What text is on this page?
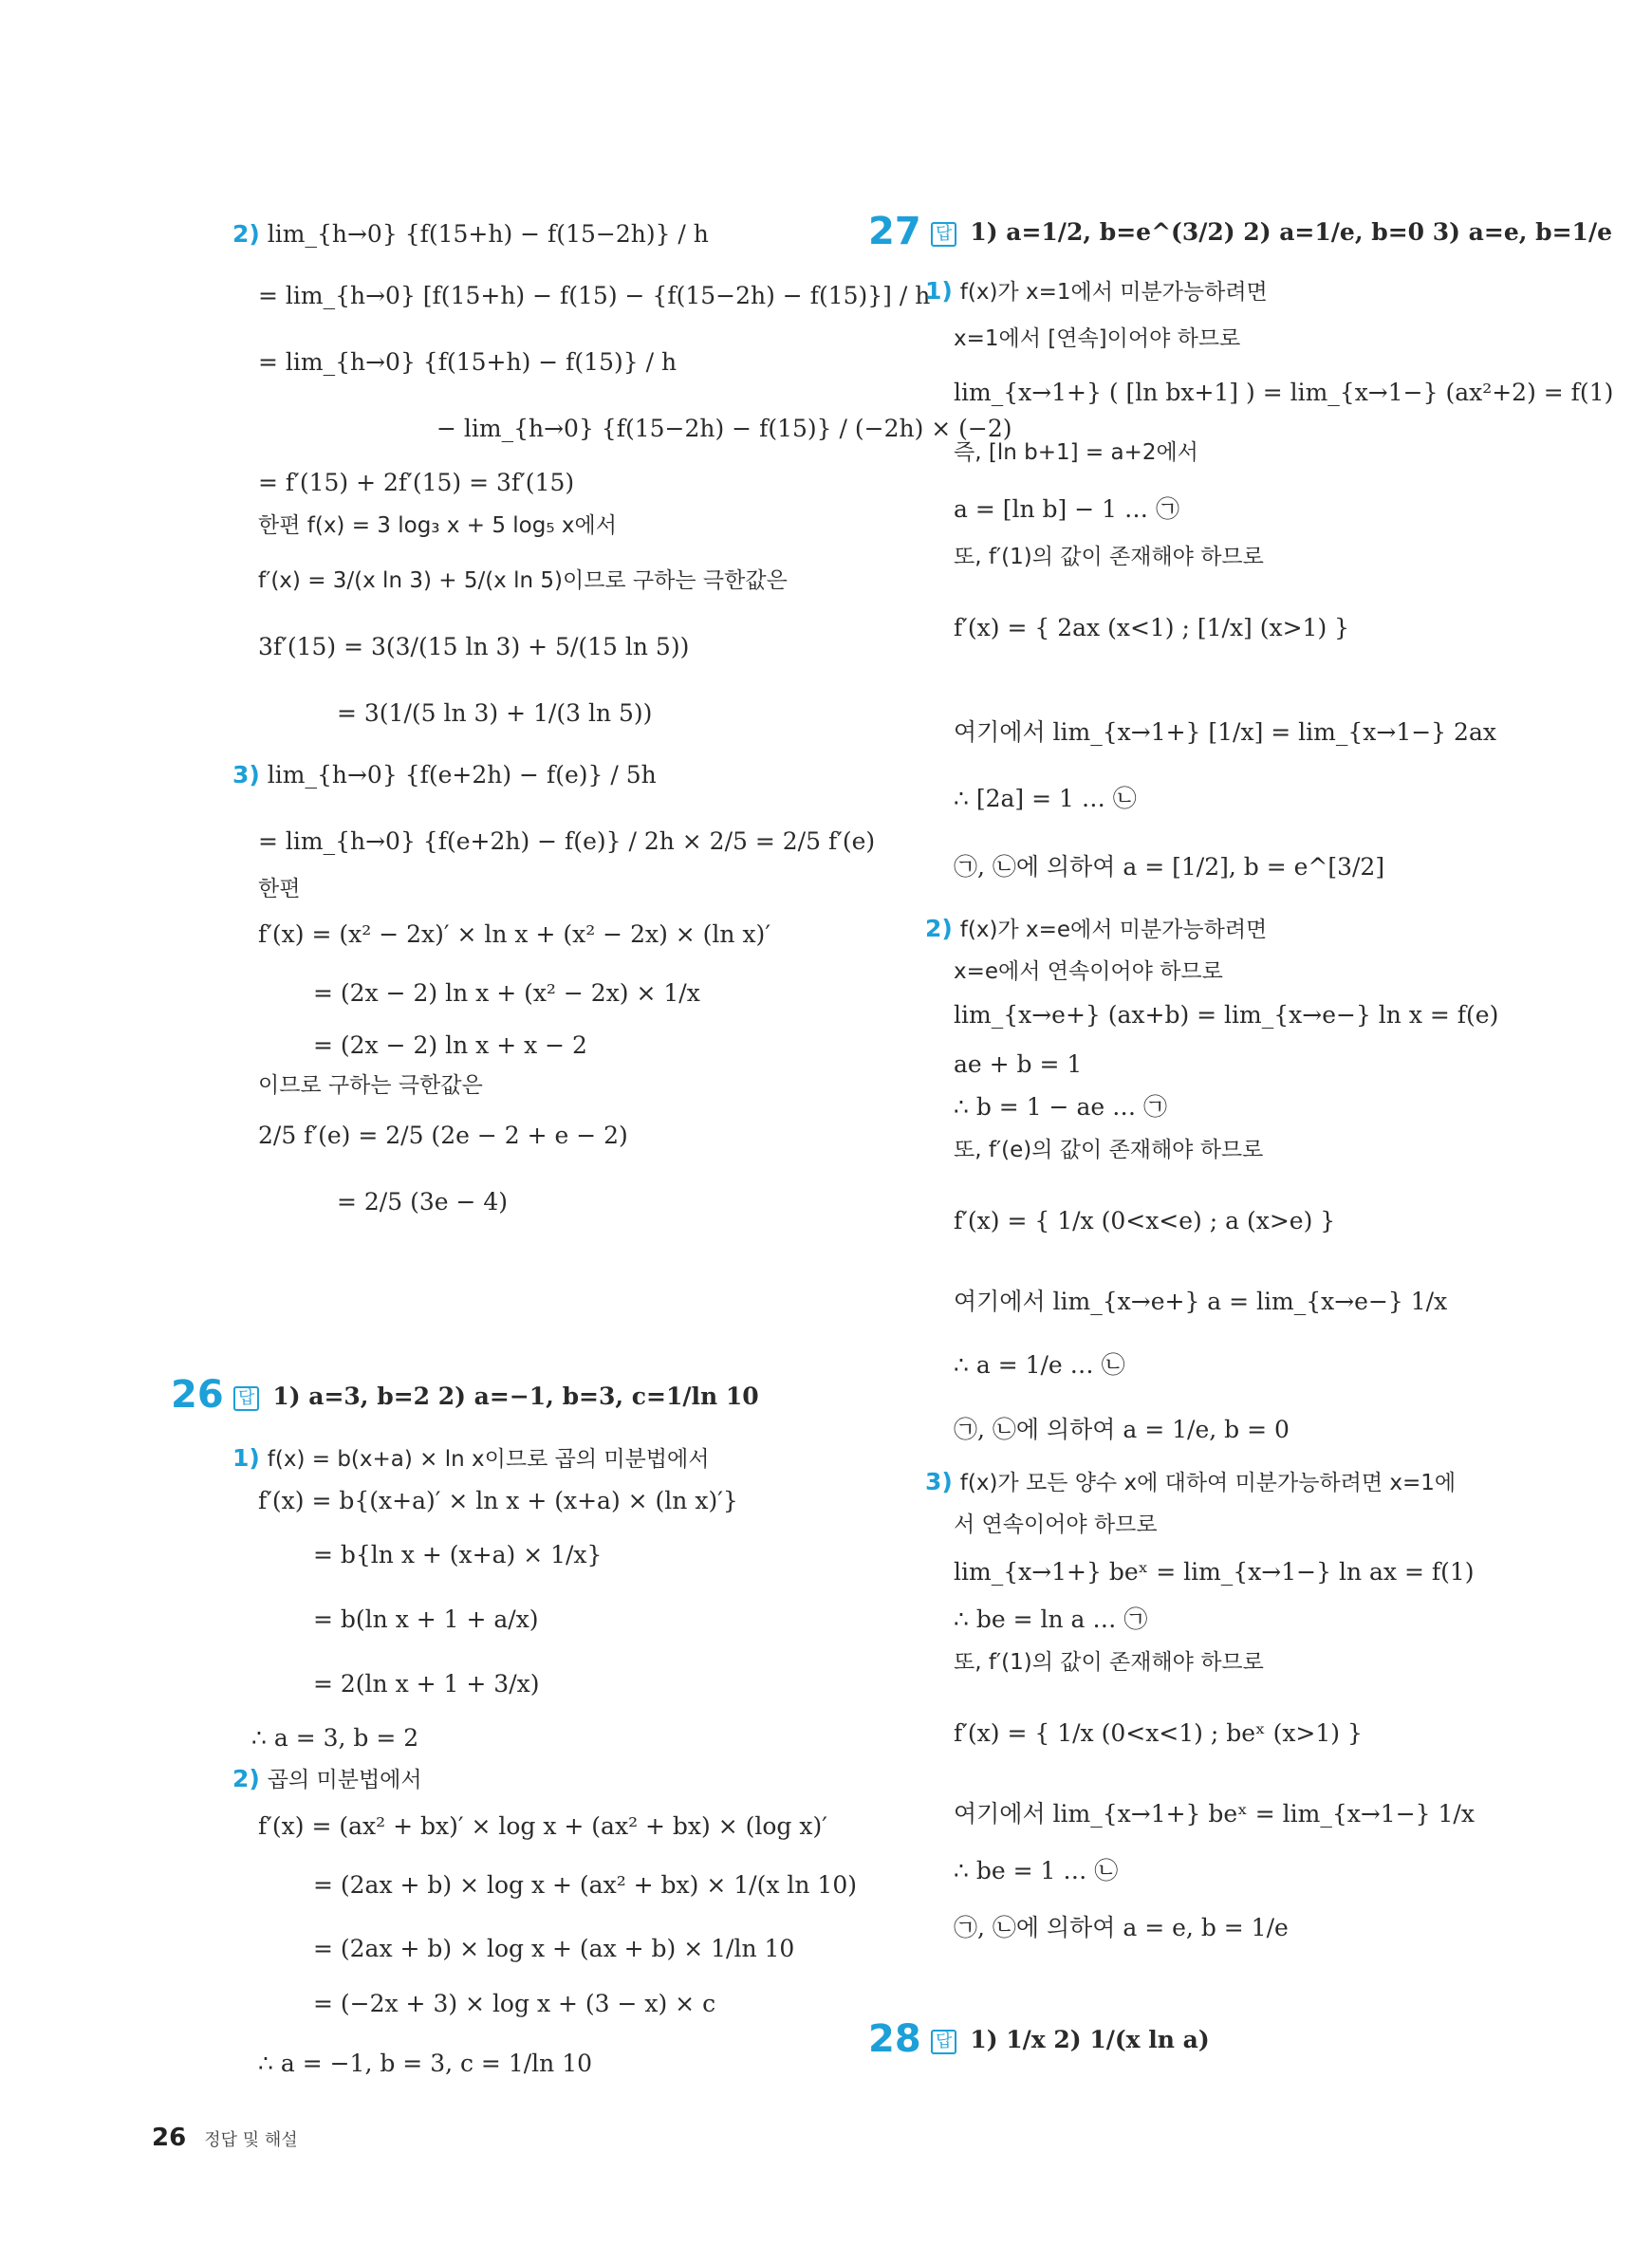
2) lim_{h→0} {f(15+h) − f(15−2h)} / h
= lim_{h→0} [f(15+h) − f(15) − {f(15−2h) − f(15)}] / h
= lim_{h→0} {f(15+h) − f(15)} / h
− lim_{h→0} {f(15−2h) − f(15)} / (−2h) × (−2)
= f′(15) + 2f′(15) = 3f′(15)
한편 f(x) = 3 log₃ x + 5 log₅ x에서
f′(x) = 3/(x ln 3) + 5/(x ln 5)이므로 구하는 극한값은
3f′(15) = 3(3/(15 ln 3) + 5/(15 ln 5))
= 3(1/(5 ln 3) + 1/(3 ln 5))
3) lim_{h→0} {f(e+2h) − f(e)} / 5h
= lim_{h→0} {f(e+2h) − f(e)} / 2h × 2/5 = 2/5 f′(e)
한편
f′(x) = (x² − 2x)′ × ln x + (x² − 2x) × (ln x)′
= (2x − 2) ln x + (x² − 2x) × 1/x
= (2x − 2) ln x + x − 2
이므로 구하는 극한값은
2/5 f′(e) = 2/5 (2e − 2 + e − 2)
= 2/5 (3e − 4)
26 답 1) a=3, b=2 2) a=−1, b=3, c=1/ln 10
1) f(x) = b(x+a) × ln x이므로 곱의 미분법에서
f′(x) = b{(x+a)′ × ln x + (x+a) × (ln x)′}
= b{ln x + (x+a) × 1/x}
= b(ln x + 1 + a/x)
= 2(ln x + 1 + 3/x)
∴ a = 3, b = 2
2) 곱의 미분법에서
f′(x) = (ax² + bx)′ × log x + (ax² + bx) × (log x)′
= (2ax + b) × log x + (ax² + bx) × 1/(x ln 10)
= (2ax + b) × log x + (ax + b) × 1/ln 10
= (−2x + 3) × log x + (3 − x) × c
∴ a = −1, b = 3, c = 1/ln 10
27 답 1) a=1/2, b=e^(3/2) 2) a=1/e, b=0 3) a=e, b=1/e
1) f(x)가 x=1에서 미분가능하려면
x=1에서 [연속]이어야 하므로
lim_{x→1+} ( [ln bx+1] ) = lim_{x→1−} (ax²+2) = f(1)
즉, [ln b+1] = a+2에서
a = [ln b] − 1 … ㉠
또, f′(1)의 값이 존재해야 하므로
f′(x) = { 2ax (x<1) ; [1/x] (x>1) }
여기에서 lim_{x→1+} [1/x] = lim_{x→1−} 2ax
∴ [2a] = 1 … ㉡
㉠, ㉡에 의하여 a = [1/2], b = e^[3/2]
2) f(x)가 x=e에서 미분가능하려면
x=e에서 연속이어야 하므로
lim_{x→e+} (ax+b) = lim_{x→e−} ln x = f(e)
ae + b = 1
∴ b = 1 − ae … ㉠
또, f′(e)의 값이 존재해야 하므로
f′(x) = { 1/x (0<x<e) ; a (x>e) }
여기에서 lim_{x→e+} a = lim_{x→e−} 1/x
∴ a = 1/e … ㉡
㉠, ㉡에 의하여 a = 1/e, b = 0
3) f(x)가 모든 양수 x에 대하여 미분가능하려면 x=1에
서 연속이어야 하므로
lim_{x→1+} beˣ = lim_{x→1−} ln ax = f(1)
∴ be = ln a … ㉠
또, f′(1)의 값이 존재해야 하므로
f′(x) = { 1/x (0<x<1) ; beˣ (x>1) }
여기에서 lim_{x→1+} beˣ = lim_{x→1−} 1/x
∴ be = 1 … ㉡
㉠, ㉡에 의하여 a = e, b = 1/e
28 답 1) 1/x 2) 1/(x ln a)
26 정답 및 해설
